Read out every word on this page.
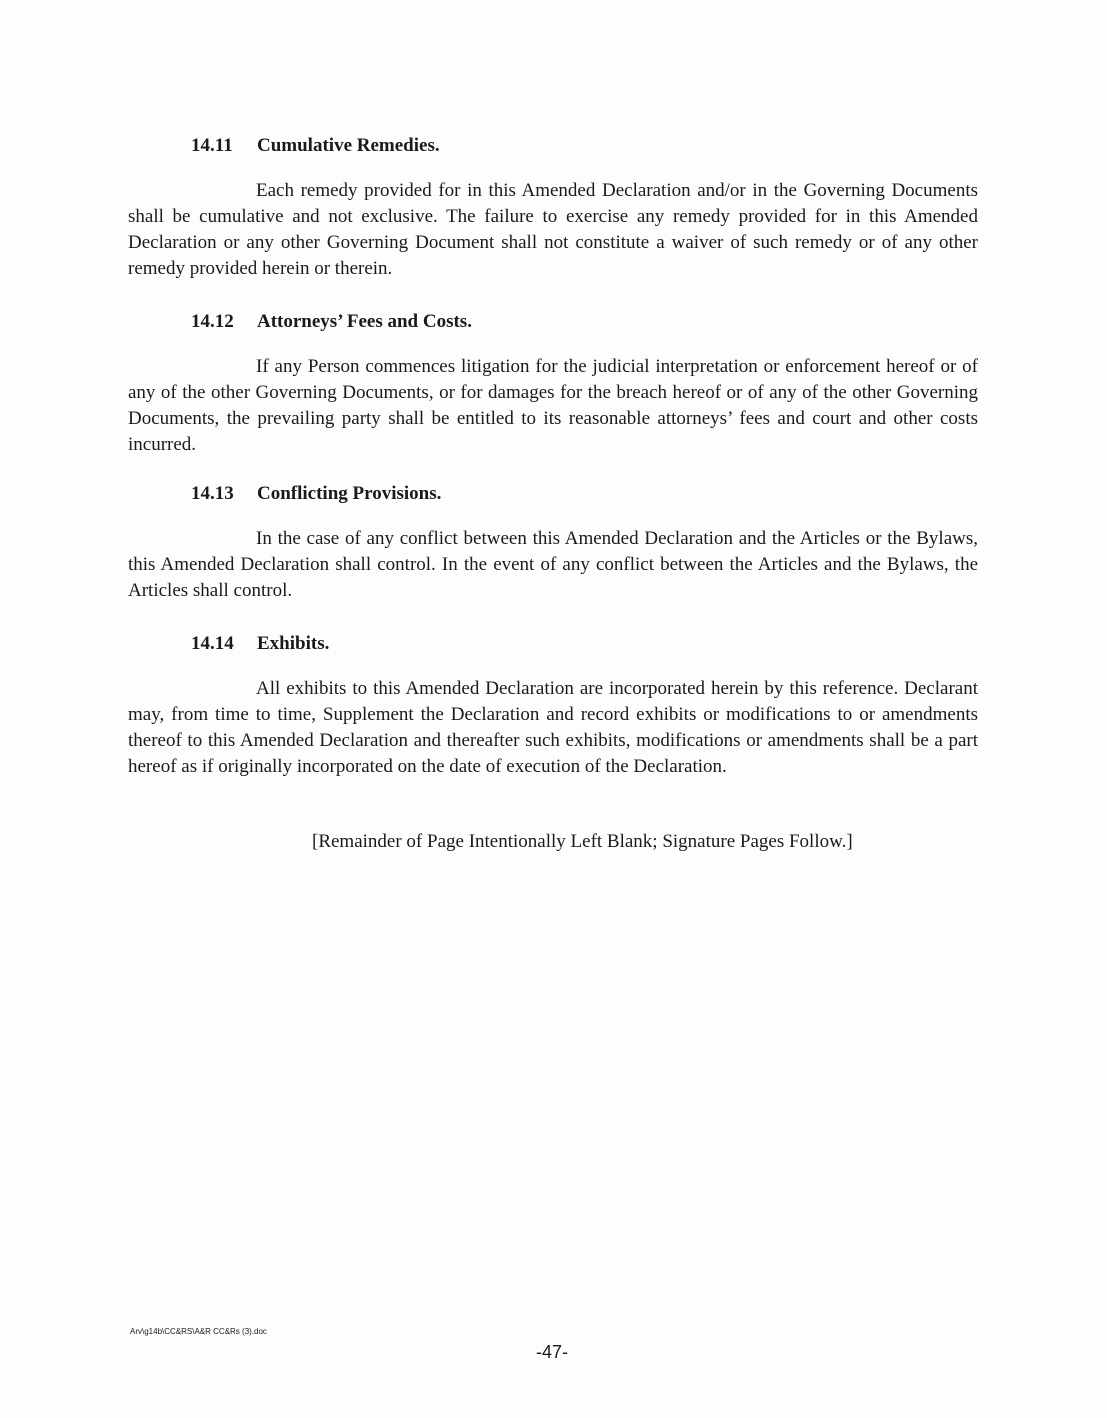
14.11 Cumulative Remedies.

Each remedy provided for in this Amended Declaration and/or in the Governing Documents shall be cumulative and not exclusive. The failure to exercise any remedy provided for in this Amended Declaration or any other Governing Document shall not constitute a waiver of such remedy or of any other remedy provided herein or therein.

14.12 Attorneys’ Fees and Costs.

If any Person commences litigation for the judicial interpretation or enforcement hereof or of any of the other Governing Documents, or for damages for the breach hereof or of any of the other Governing Documents, the prevailing party shall be entitled to its reasonable attorneys’ fees and court and other costs incurred.

14.13 Conflicting Provisions.

In the case of any conflict between this Amended Declaration and the Articles or the Bylaws, this Amended Declaration shall control. In the event of any conflict between the Articles and the Bylaws, the Articles shall control.

14.14 Exhibits.

All exhibits to this Amended Declaration are incorporated herein by this reference. Declarant may, from time to time, Supplement the Declaration and record exhibits or modifications to or amendments thereof to this Amended Declaration and thereafter such exhibits, modifications or amendments shall be a part hereof as if originally incorporated on the date of execution of the Declaration.

[Remainder of Page Intentionally Left Blank; Signature Pages Follow.]
Arv\g14b\CC&RS\A&R CC&Rs (3).doc
-47-
